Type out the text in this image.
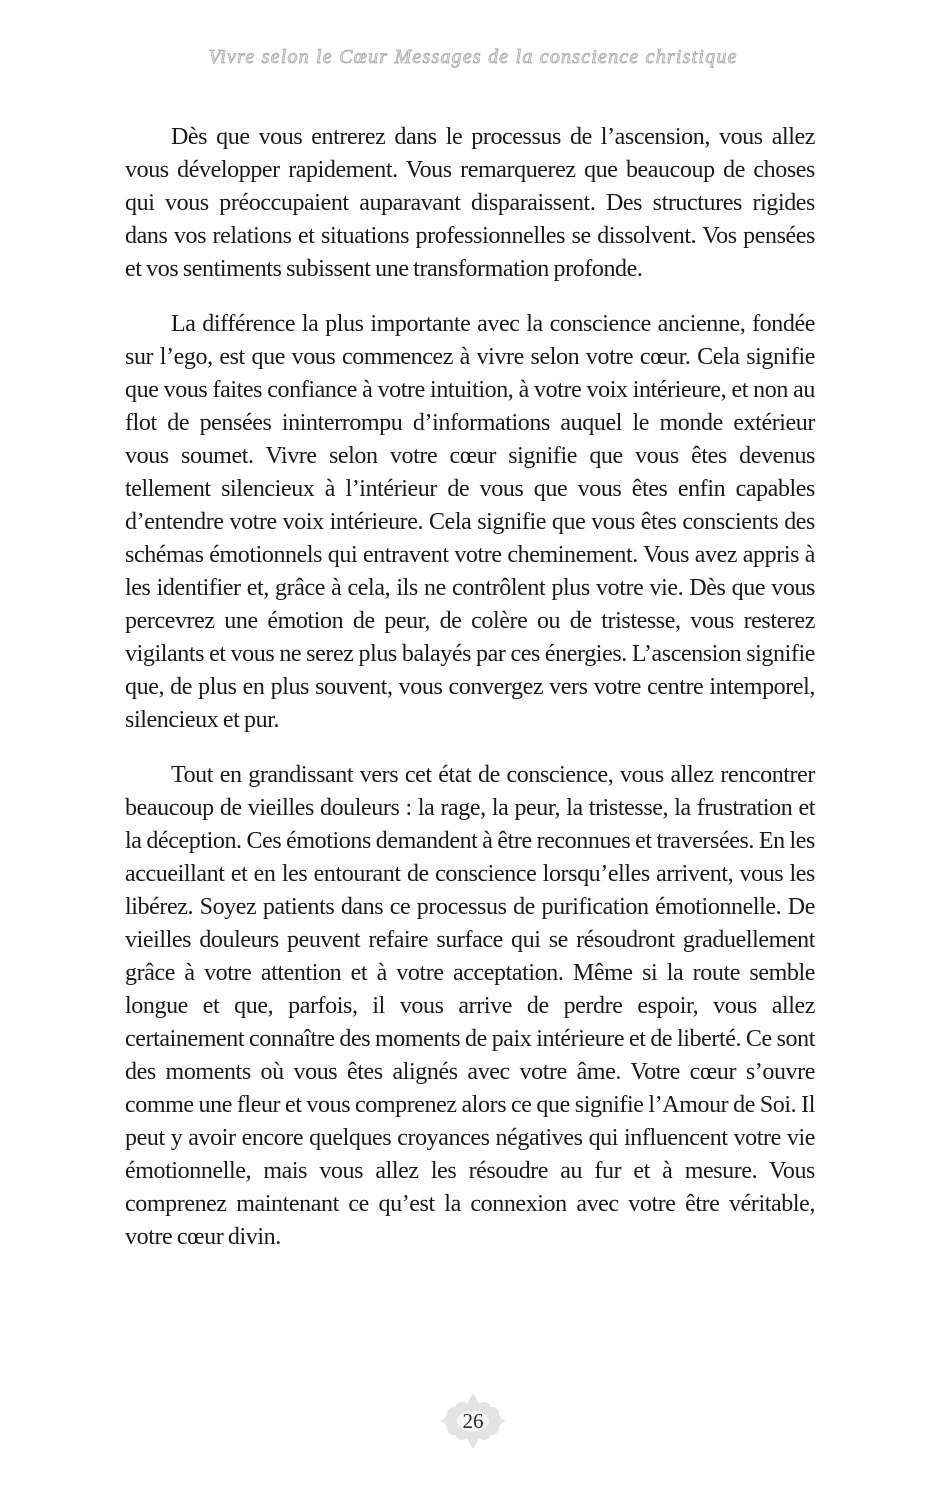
Vivre selon le Cœur Messages de la conscience christique

Dès que vous entrerez dans le processus de l’ascension, vous allez vous développer rapidement. Vous remarquerez que beaucoup de choses qui vous préoccupaient auparavant disparaissent. Des structures rigides dans vos relations et situations professionnelles se dissolvent. Vos pensées et vos sentiments subissent une transformation profonde.

La différence la plus importante avec la conscience ancienne, fondée sur l’ego, est que vous commencez à vivre selon votre cœur. Cela signifie que vous faites confiance à votre intuition, à votre voix intérieure, et non au flot de pensées ininterrompu d’informations auquel le monde extérieur vous soumet. Vivre selon votre cœur signifie que vous êtes devenus tellement silencieux à l’intérieur de vous que vous êtes enfin capables d’entendre votre voix intérieure. Cela signifie que vous êtes conscients des schémas émotionnels qui entravent votre cheminement. Vous avez appris à les identifier et, grâce à cela, ils ne contrôlent plus votre vie. Dès que vous percevrez une émotion de peur, de colère ou de tristesse, vous resterez vigilants et vous ne serez plus balayés par ces énergies. L’ascension signifie que, de plus en plus souvent, vous convergez vers votre centre intemporel, silencieux et pur.

Tout en grandissant vers cet état de conscience, vous allez rencontrer beaucoup de vieilles douleurs : la rage, la peur, la tristesse, la frustration et la déception. Ces émotions demandent à être reconnues et traversées. En les accueillant et en les entourant de conscience lorsqu’elles arrivent, vous les libérez. Soyez patients dans ce processus de purification émotionnelle. De vieilles douleurs peuvent refaire surface qui se résoudront graduellement grâce à votre attention et à votre acceptation. Même si la route semble longue et que, parfois, il vous arrive de perdre espoir, vous allez certainement connaître des moments de paix intérieure et de liberté. Ce sont des moments où vous êtes alignés avec votre âme. Votre cœur s’ouvre comme une fleur et vous comprenez alors ce que signifie l’Amour de Soi. Il peut y avoir encore quelques croyances négatives qui influencent votre vie émotionnelle, mais vous allez les résoudre au fur et à mesure. Vous comprenez maintenant ce qu’est la connexion avec votre être véritable, votre cœur divin.

26
